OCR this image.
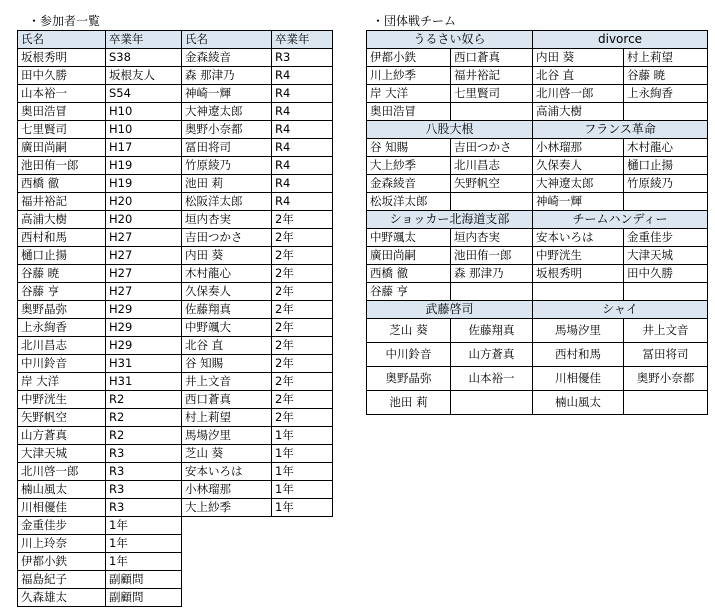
・参加者一覧	・団体戦チーム
氏名	卒業年	氏名	卒業年
坂根秀明	S38	金森綾音	R3
田中久勝	坂根友人	森 那津乃	R4
山本裕一	S54	神崎一輝	R4
奥田浩冒	H10	大神遼太郎	R4
七里賢司	H10	奥野小奈都	R4
廣田尚嗣	H17	冨田将司	R4
池田侑一郎	H19	竹原綾乃	R4
西橋 徹	H19	池田 莉	R4
福井裕記	H20	松阪洋太郎	R4
高浦大樹	H20	垣内杏実	2年
西村和馬	H27	吉田つかさ	2年
樋口止揚	H27	内田 葵	2年
谷藤 暁	H27	木村龍心	2年
谷藤 亨	H27	久保奏人	2年
奥野晶弥	H29	佐藤翔真	2年
上永絢香	H29	中野颯大	2年
北川昌志	H29	北谷 直	2年
中川鈴音	H31	谷 知賜	2年
岸 大洋	H31	井上文音	2年
中野洸生	R2	西口蒼真	2年
矢野帆空	R2	村上莉望	2年
山方蒼真	R2	馬場汐里	1年
大津天城	R3	芝山 葵	1年
北川啓一郎	R3	安本いろは	1年
楠山風太	R3	小林瑠那	1年
川相優佳	R3	大上紗季	1年
金重佳步	1年		
川上玲奈	1年		
伊都小鉄	1年		
福島紀子	副顧問		
久森雄太	副顧問		
うるさい奴ら		divorce	
伊都小鉄	西口蒼真	内田 葵	村上莉望
川上紗季	福井裕記	北谷 直	谷藤 暁
岸 大洋	七里賢司	北川啓一郎	上永絢香
奥田浩冒		高浦大樹	
八股大根		フランス革命	
谷 知賜	吉田つかさ	小林瑠那	木村龍心
大上紗季	北川昌志	久保奏人	樋口止揚
金森綾音	矢野帆空	大神遼太郎	竹原綾乃
松坂洋太郎		神崎一輝	
ショッカー北海道支部		チームハンディー	
中野颯太	垣内杏実	安本いろは	金重佳步
廣田尚嗣	池田侑一郎	中野洸生	大津天城
西橋 徹	森 那津乃	坂根秀明	田中久勝
谷藤 亨			
武藤啓司		シャイ	
芝山 葵	佐藤翔真	馬場汐里	井上文音
中川鈴音	山方蒼真	西村和馬	冨田将司
奥野晶弥	山本裕一	川相優佳	奥野小奈都
池田 莉		楠山風太	
